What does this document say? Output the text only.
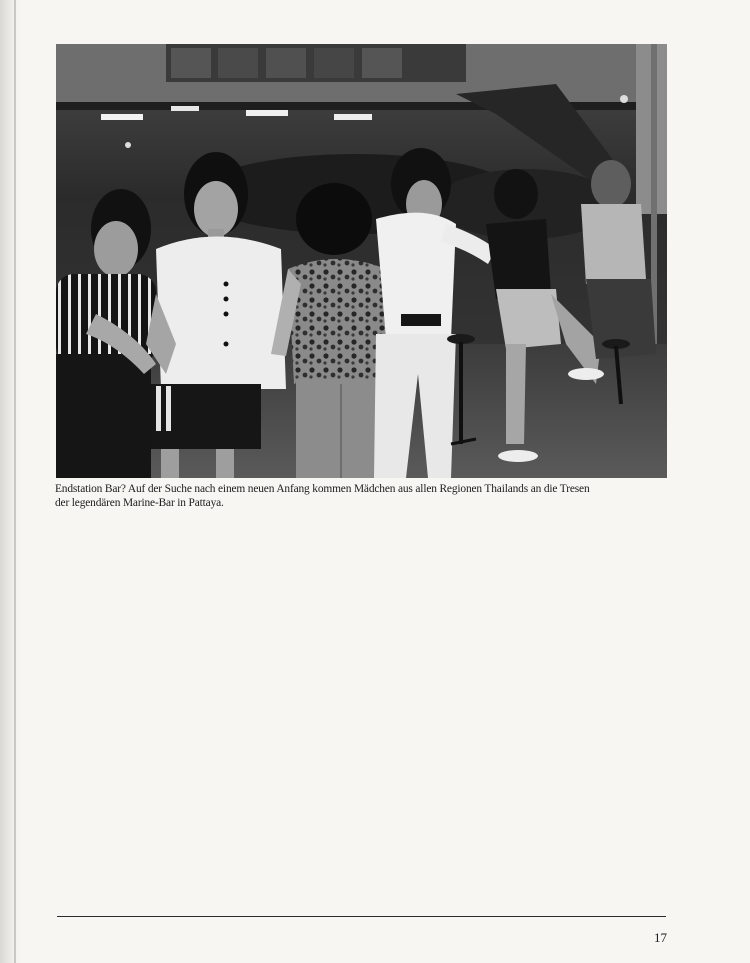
Endstation Bar? Auf der Suche nach einem neuen Anfang kommen Mädchen aus allen Regionen Thailands an die Tresen
der legendären Marine-Bar in Pattaya.

17
